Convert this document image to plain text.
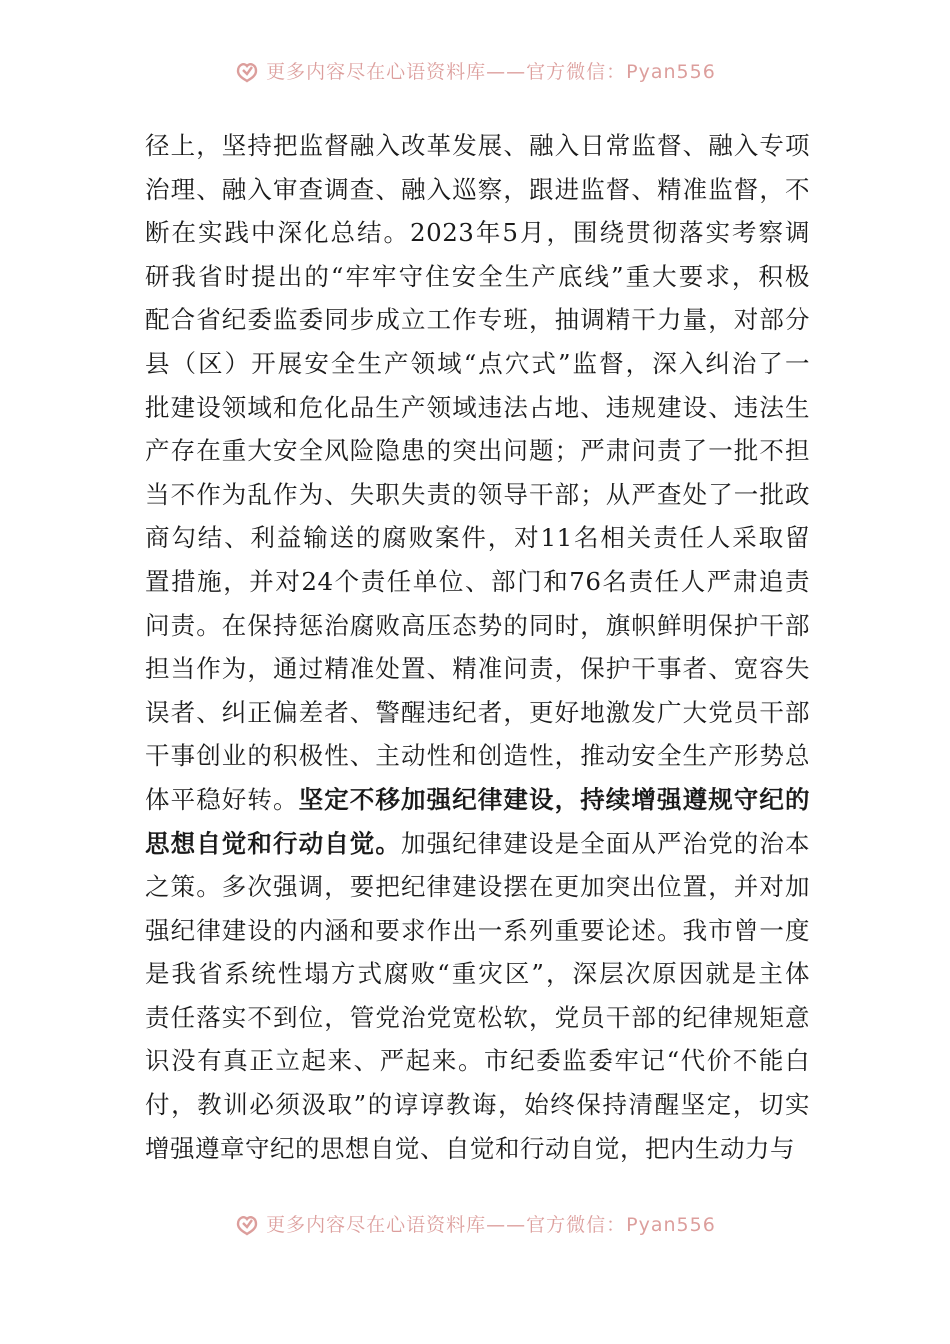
更多内容尽在心语资料库——官方微信：Pyan556
径上，坚持把监督融入改革发展、融入日常监督、融入专项
治理、融入审查调查、融入巡察，跟进监督、精准监督，不
断在实践中深化总结。2023年5月，围绕贯彻落实考察调
研我省时提出的“牢牢守住安全生产底线”重大要求，积极
配合省纪委监委同步成立工作专班，抽调精干力量，对部分
县（区）开展安全生产领域“点穴式”监督，深入纠治了一
批建设领域和危化品生产领域违法占地、违规建设、违法生
产存在重大安全风险隐患的突出问题；严肃问责了一批不担
当不作为乱作为、失职失责的领导干部；从严查处了一批政
商勾结、利益输送的腐败案件，对11名相关责任人采取留
置措施，并对24个责任单位、部门和76名责任人严肃追责
问责。在保持惩治腐败高压态势的同时，旗帜鲜明保护干部
担当作为，通过精准处置、精准问责，保护干事者、宽容失
误者、纠正偏差者、警醒违纪者，更好地激发广大党员干部
干事创业的积极性、主动性和创造性，推动安全生产形势总
体平稳好转。坚定不移加强纪律建设，持续增强遵规守纪的
思想自觉和行动自觉。加强纪律建设是全面从严治党的治本
之策。多次强调，要把纪律建设摆在更加突出位置，并对加
强纪律建设的内涵和要求作出一系列重要论述。我市曾一度
是我省系统性塌方式腐败“重灾区”，深层次原因就是主体
责任落实不到位，管党治党宽松软，党员干部的纪律规矩意
识没有真正立起来、严起来。市纪委监委牢记“代价不能白
付，教训必须汲取”的谆谆教诲，始终保持清醒坚定，切实
增强遵章守纪的思想自觉、自觉和行动自觉，把内生动力与
更多内容尽在心语资料库——官方微信：Pyan556
